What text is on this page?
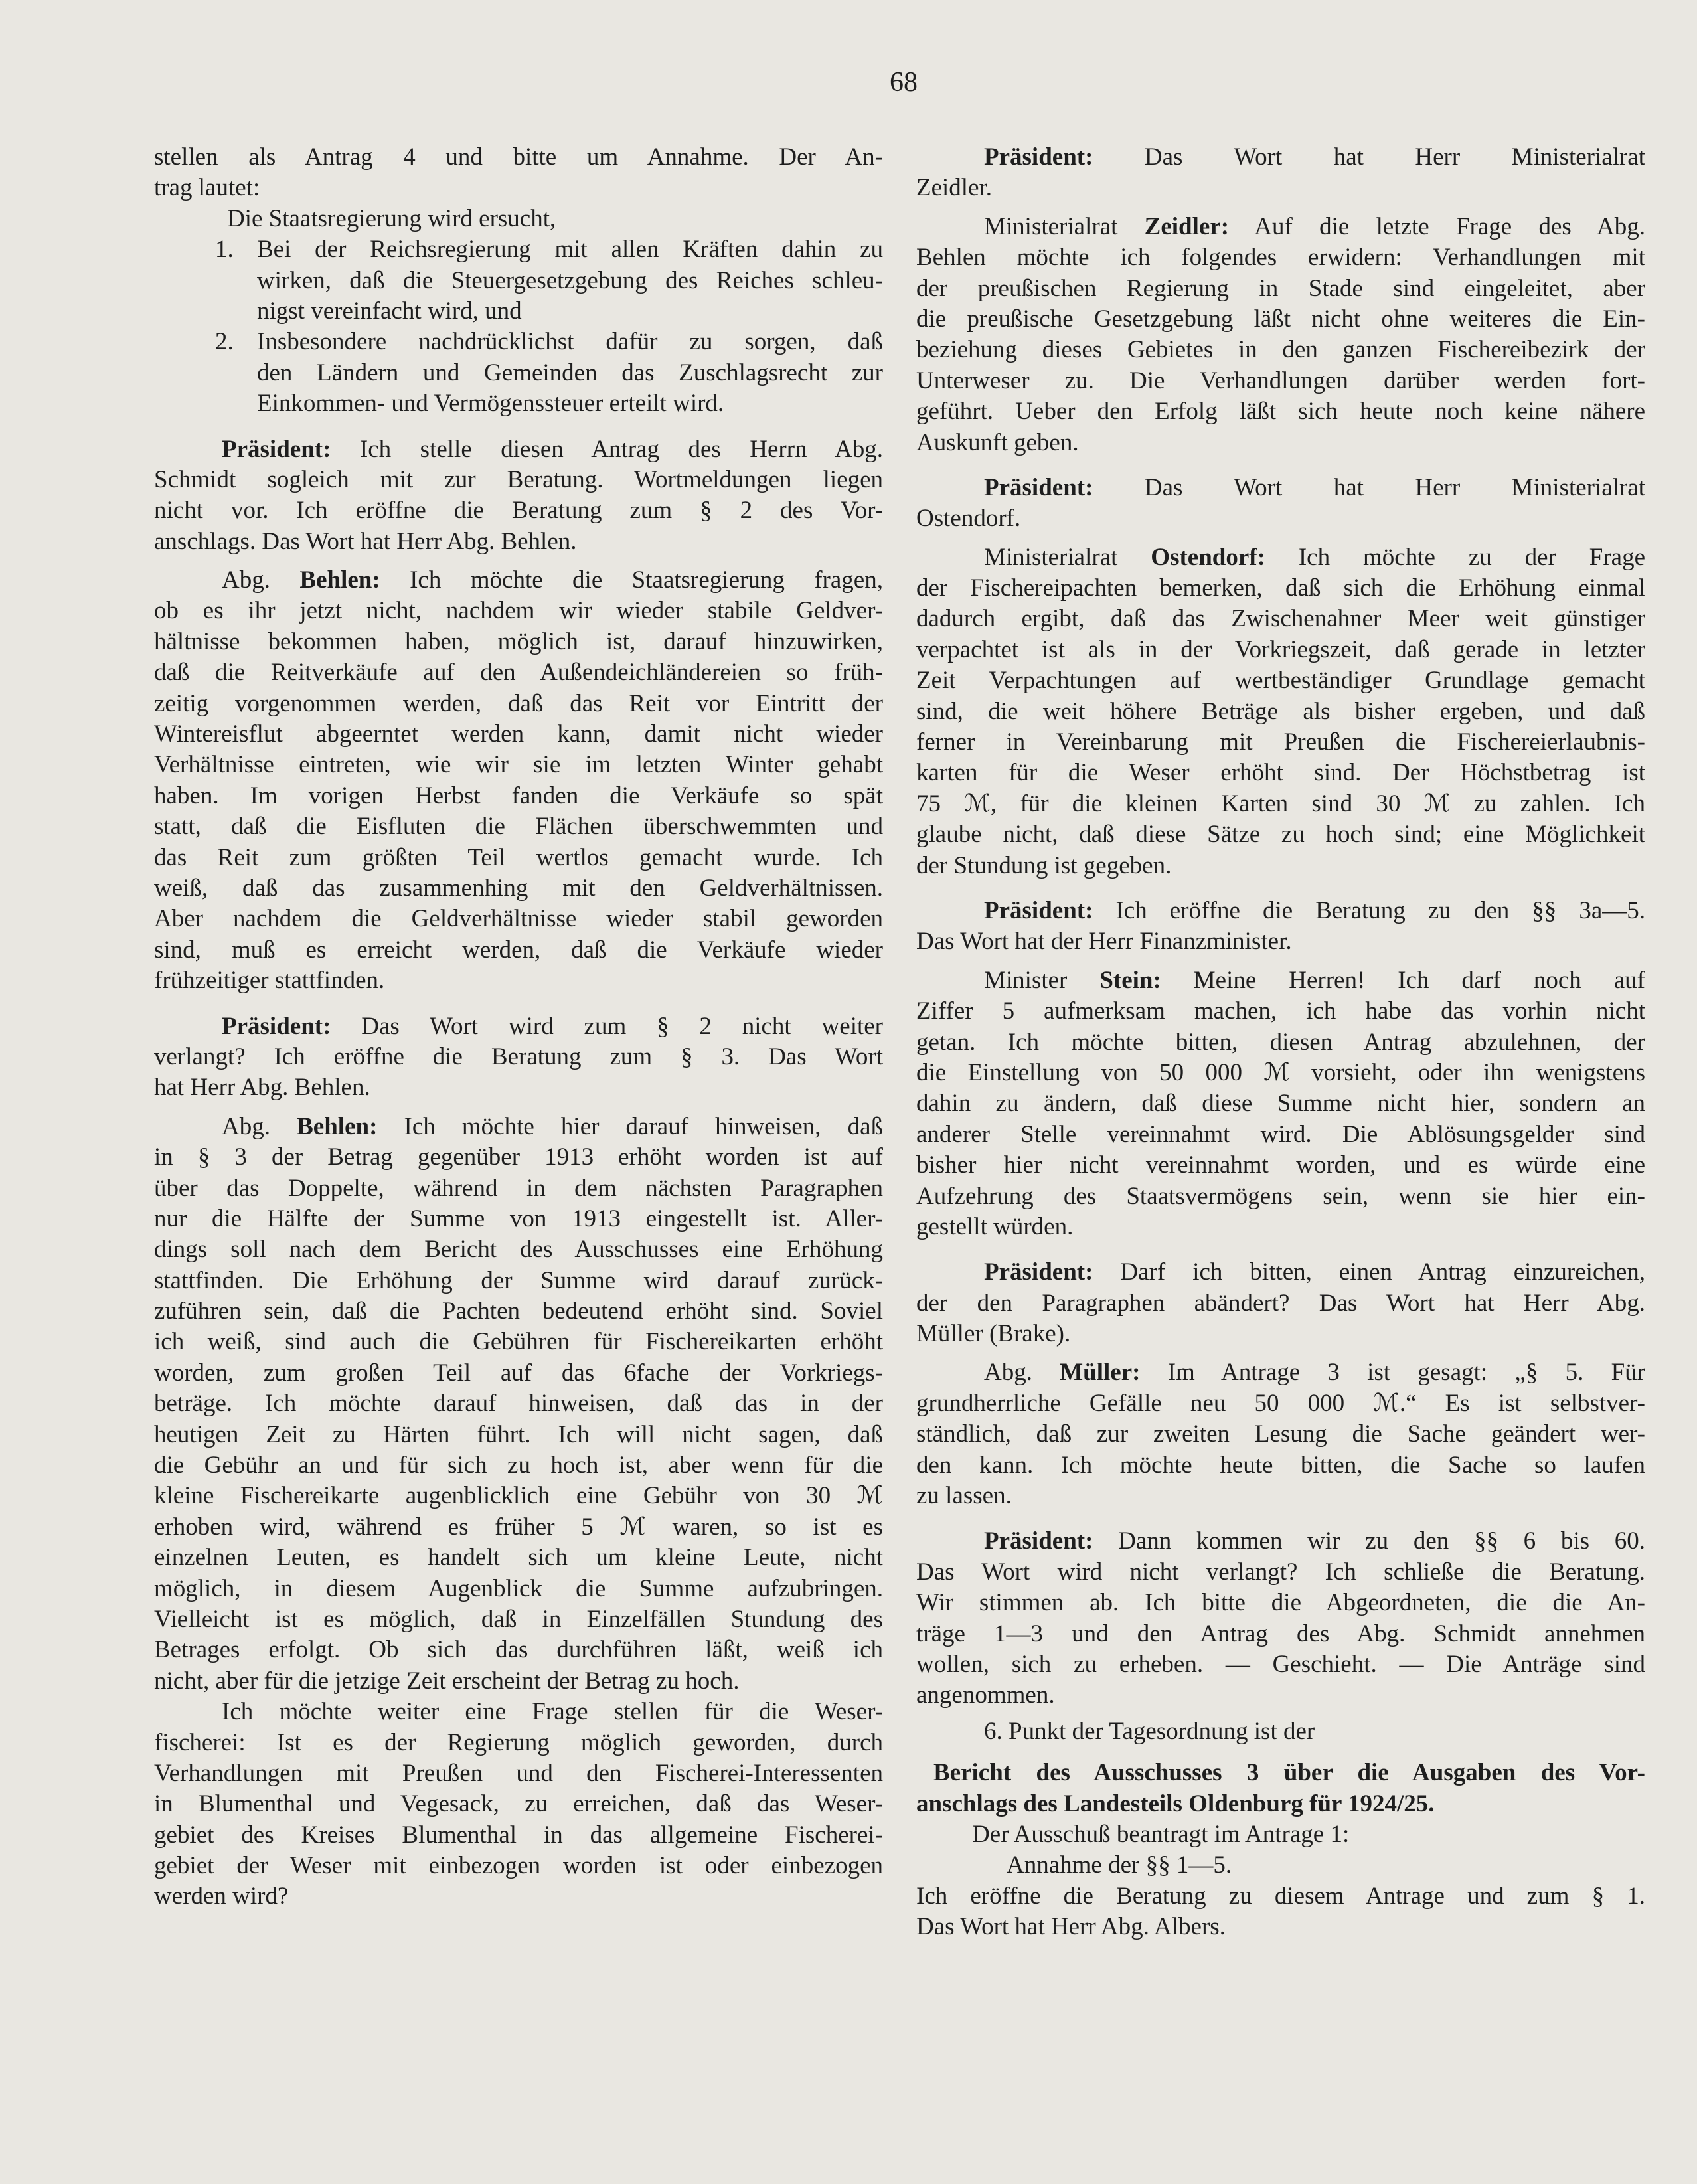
68
stellen als Antrag 4 und bitte um Annahme. Der An-
trag lautet:
Die Staatsregierung wird ersucht,
1. Bei der Reichsregierung mit allen Kräften dahin zu
wirken, daß die Steuergesetzgebung des Reiches schleu-
nigst vereinfacht wird, und
2. Insbesondere nachdrücklichst dafür zu sorgen, daß
den Ländern und Gemeinden das Zuschlagsrecht zur
Einkommen- und Vermögenssteuer erteilt wird.
Präsident: Ich stelle diesen Antrag des Herrn Abg.
Schmidt sogleich mit zur Beratung. Wortmeldungen liegen
nicht vor. Ich eröffne die Beratung zum § 2 des Vor-
anschlags. Das Wort hat Herr Abg. Behlen.
Abg. Behlen: Ich möchte die Staatsregierung fragen,
ob es ihr jetzt nicht, nachdem wir wieder stabile Geldver-
hältnisse bekommen haben, möglich ist, darauf hinzuwirken,
daß die Reitverkäufe auf den Außendeichländereien so früh-
zeitig vorgenommen werden, daß das Reit vor Eintritt der
Wintereisflut abgeerntet werden kann, damit nicht wieder
Verhältnisse eintreten, wie wir sie im letzten Winter gehabt
haben. Im vorigen Herbst fanden die Verkäufe so spät
statt, daß die Eisfluten die Flächen überschwemmten und
das Reit zum größten Teil wertlos gemacht wurde. Ich
weiß, daß das zusammenhing mit den Geldverhältnissen.
Aber nachdem die Geldverhältnisse wieder stabil geworden
sind, muß es erreicht werden, daß die Verkäufe wieder
frühzeitiger stattfinden.
Präsident: Das Wort wird zum § 2 nicht weiter
verlangt? Ich eröffne die Beratung zum § 3. Das Wort
hat Herr Abg. Behlen.
Abg. Behlen: Ich möchte hier darauf hinweisen, daß
in § 3 der Betrag gegenüber 1913 erhöht worden ist auf
über das Doppelte, während in dem nächsten Paragraphen
nur die Hälfte der Summe von 1913 eingestellt ist. Aller-
dings soll nach dem Bericht des Ausschusses eine Erhöhung
stattfinden. Die Erhöhung der Summe wird darauf zurück-
zuführen sein, daß die Pachten bedeutend erhöht sind. Soviel
ich weiß, sind auch die Gebühren für Fischereikarten erhöht
worden, zum großen Teil auf das 6fache der Vorkriegs-
beträge. Ich möchte darauf hinweisen, daß das in der
heutigen Zeit zu Härten führt. Ich will nicht sagen, daß
die Gebühr an und für sich zu hoch ist, aber wenn für die
kleine Fischereikarte augenblicklich eine Gebühr von 30 ℳ
erhoben wird, während es früher 5 ℳ waren, so ist es
einzelnen Leuten, es handelt sich um kleine Leute, nicht
möglich, in diesem Augenblick die Summe aufzubringen.
Vielleicht ist es möglich, daß in Einzelfällen Stundung des
Betrages erfolgt. Ob sich das durchführen läßt, weiß ich
nicht, aber für die jetzige Zeit erscheint der Betrag zu hoch.
Ich möchte weiter eine Frage stellen für die Weser-
fischerei: Ist es der Regierung möglich geworden, durch
Verhandlungen mit Preußen und den Fischerei-Interessenten
in Blumenthal und Vegesack, zu erreichen, daß das Weser-
gebiet des Kreises Blumenthal in das allgemeine Fischerei-
gebiet der Weser mit einbezogen worden ist oder einbezogen
werden wird?
Präsident: Das Wort hat Herr Ministerialrat
Zeidler.
Ministerialrat Zeidler: Auf die letzte Frage des Abg.
Behlen möchte ich folgendes erwidern: Verhandlungen mit
der preußischen Regierung in Stade sind eingeleitet, aber
die preußische Gesetzgebung läßt nicht ohne weiteres die Ein-
beziehung dieses Gebietes in den ganzen Fischereibezirk der
Unterweser zu. Die Verhandlungen darüber werden fort-
geführt. Ueber den Erfolg läßt sich heute noch keine nähere
Auskunft geben.
Präsident: Das Wort hat Herr Ministerialrat
Ostendorf.
Ministerialrat Ostendorf: Ich möchte zu der Frage
der Fischereipachten bemerken, daß sich die Erhöhung einmal
dadurch ergibt, daß das Zwischenahner Meer weit günstiger
verpachtet ist als in der Vorkriegszeit, daß gerade in letzter
Zeit Verpachtungen auf wertbeständiger Grundlage gemacht
sind, die weit höhere Beträge als bisher ergeben, und daß
ferner in Vereinbarung mit Preußen die Fischereierlaubnis-
karten für die Weser erhöht sind. Der Höchstbetrag ist
75 ℳ, für die kleinen Karten sind 30 ℳ zu zahlen. Ich
glaube nicht, daß diese Sätze zu hoch sind; eine Möglichkeit
der Stundung ist gegeben.
Präsident: Ich eröffne die Beratung zu den §§ 3a—5.
Das Wort hat der Herr Finanzminister.
Minister Stein: Meine Herren! Ich darf noch auf
Ziffer 5 aufmerksam machen, ich habe das vorhin nicht
getan. Ich möchte bitten, diesen Antrag abzulehnen, der
die Einstellung von 50 000 ℳ vorsieht, oder ihn wenigstens
dahin zu ändern, daß diese Summe nicht hier, sondern an
anderer Stelle vereinnahmt wird. Die Ablösungsgelder sind
bisher hier nicht vereinnahmt worden, und es würde eine
Aufzehrung des Staatsvermögens sein, wenn sie hier ein-
gestellt würden.
Präsident: Darf ich bitten, einen Antrag einzureichen,
der den Paragraphen abändert? Das Wort hat Herr Abg.
Müller (Brake).
Abg. Müller: Im Antrage 3 ist gesagt: „§ 5. Für
grundherrliche Gefälle neu 50 000 ℳ.“ Es ist selbstver-
ständlich, daß zur zweiten Lesung die Sache geändert wer-
den kann. Ich möchte heute bitten, die Sache so laufen
zu lassen.
Präsident: Dann kommen wir zu den §§ 6 bis 60.
Das Wort wird nicht verlangt? Ich schließe die Beratung.
Wir stimmen ab. Ich bitte die Abgeordneten, die die An-
träge 1—3 und den Antrag des Abg. Schmidt annehmen
wollen, sich zu erheben. — Geschieht. — Die Anträge sind
angenommen.
6. Punkt der Tagesordnung ist der
Bericht des Ausschusses 3 über die Ausgaben des Vor-
anschlags des Landesteils Oldenburg für 1924/25.
Der Ausschuß beantragt im Antrage 1:
Annahme der §§ 1—5.
Ich eröffne die Beratung zu diesem Antrage und zum § 1.
Das Wort hat Herr Abg. Albers.
